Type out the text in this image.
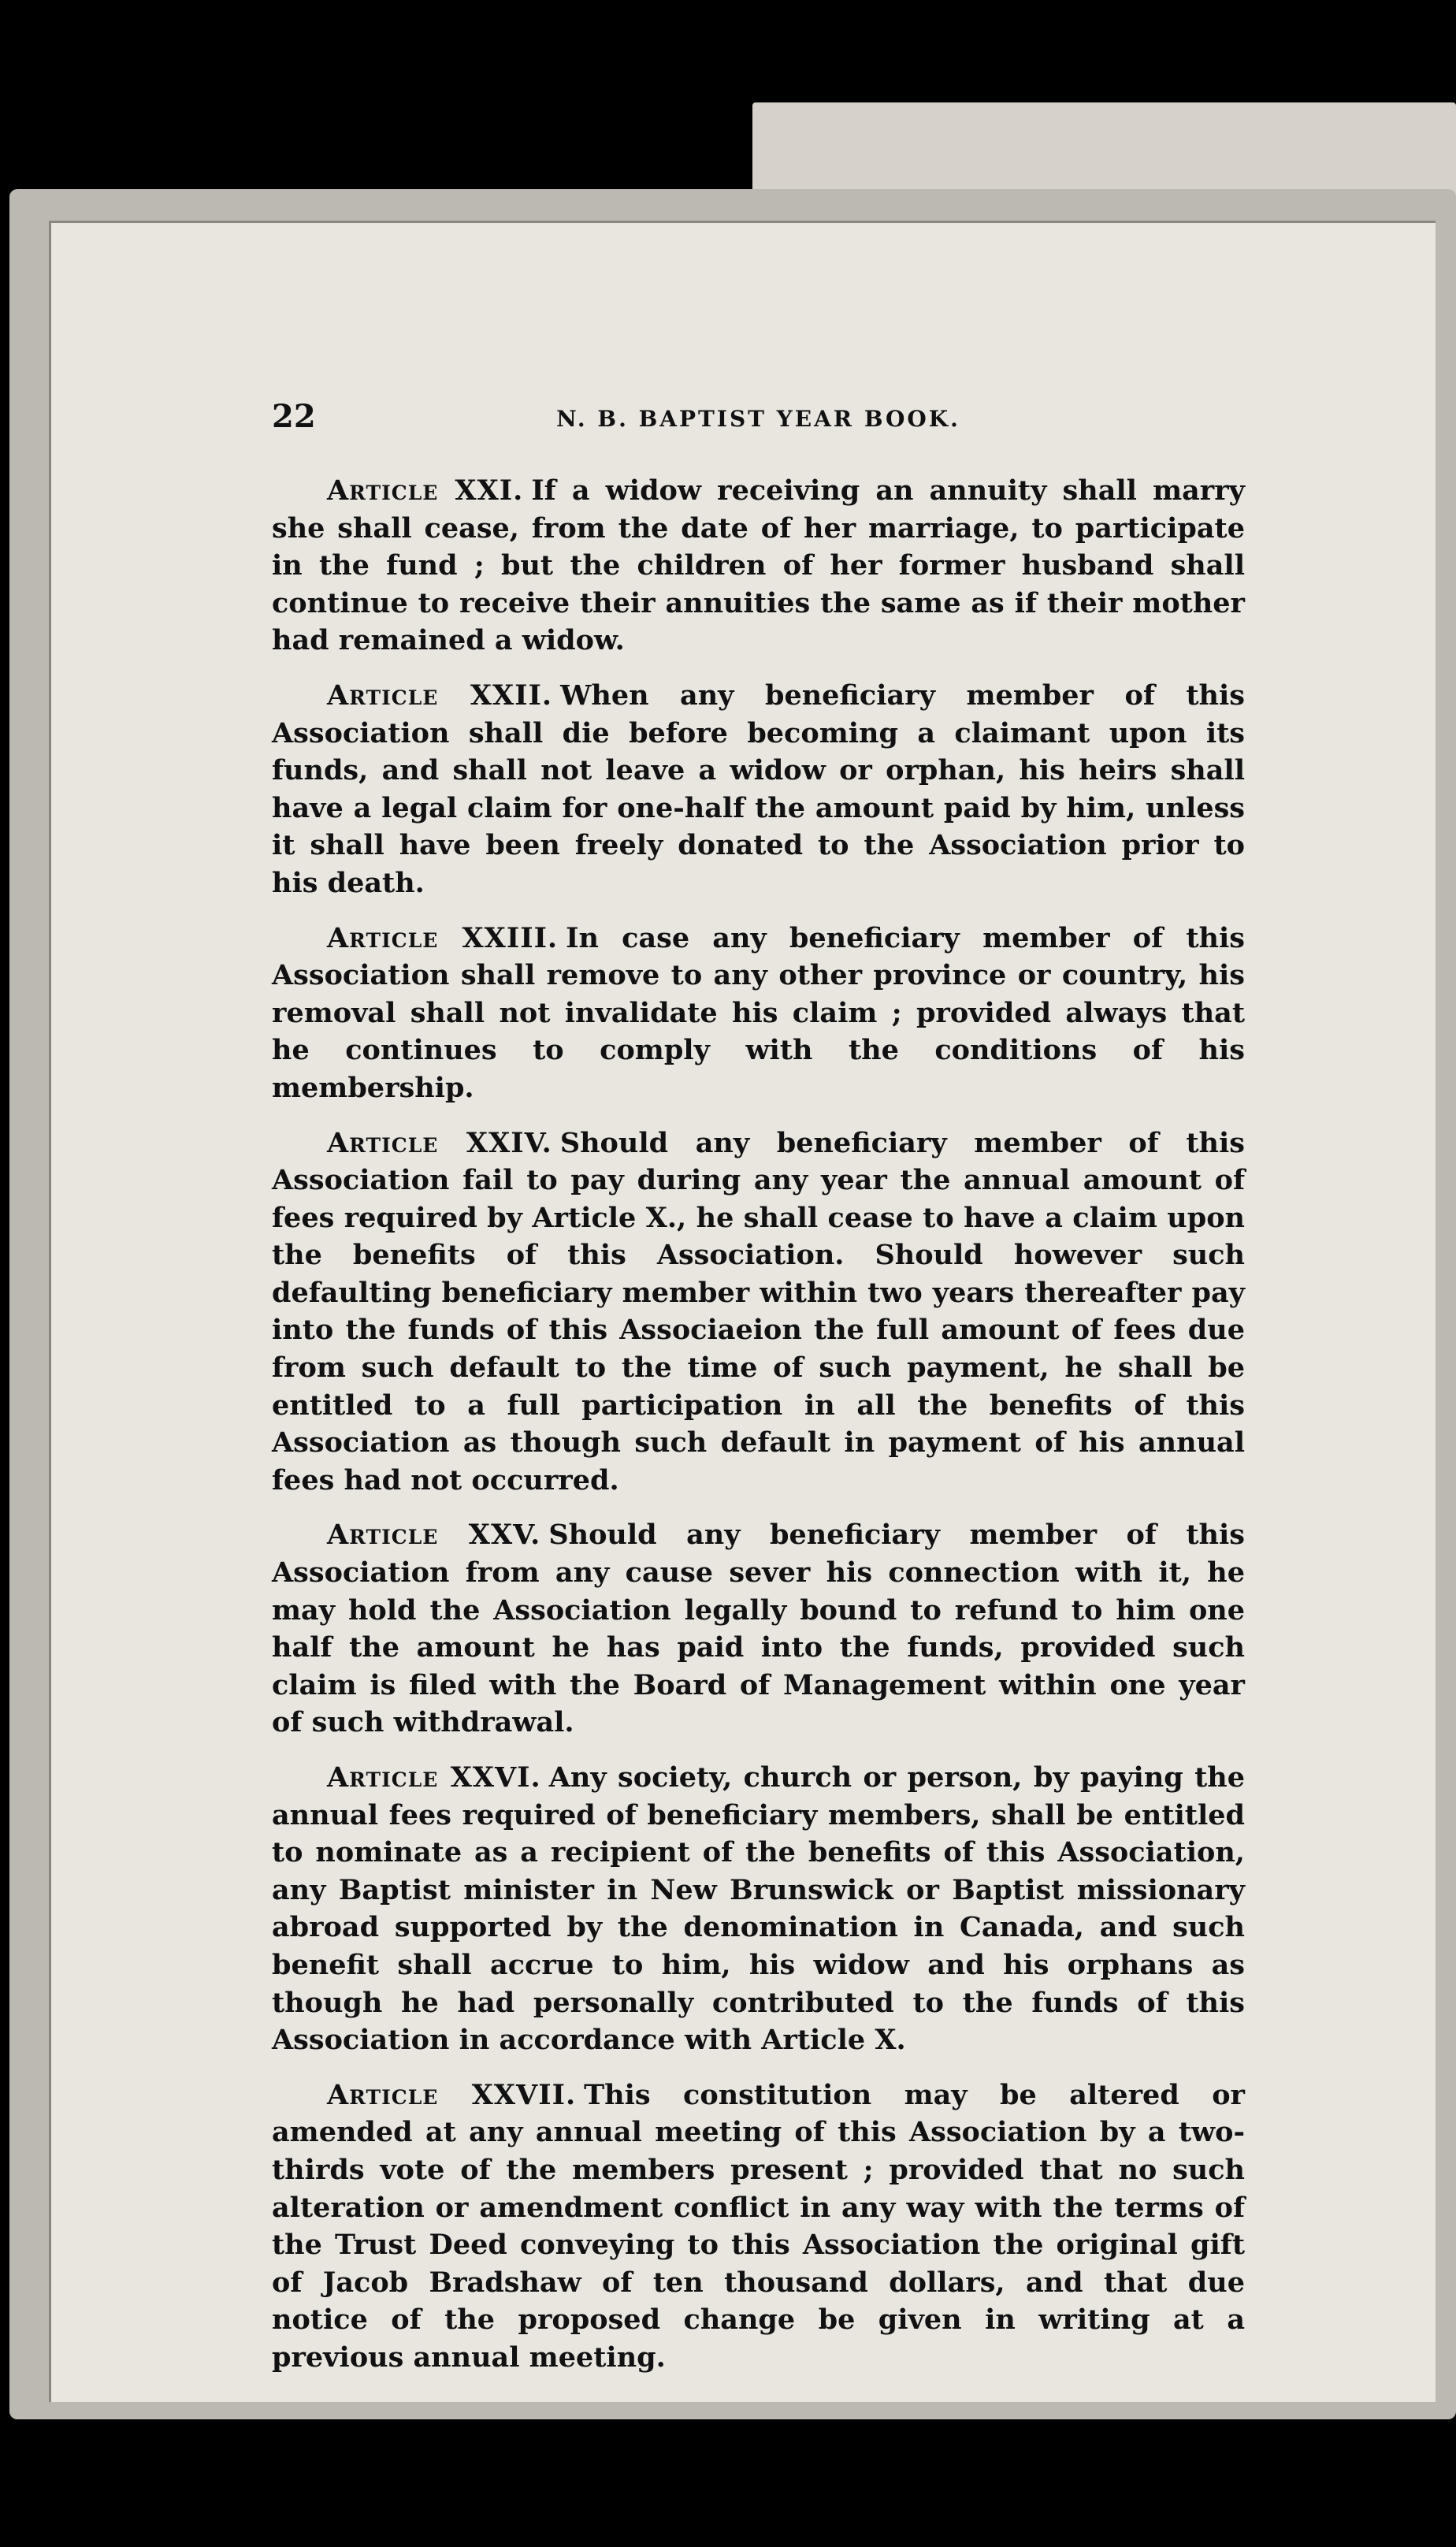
22	N. B. BAPTIST YEAR BOOK.

Article XXI. If a widow receiving an annuity shall marry she shall cease, from the date of her marriage, to participate in the fund ; but the children of her former husband shall continue to receive their annuities the same as if their mother had remained a widow.

Article XXII. When any beneficiary member of this Association shall die before becoming a claimant upon its funds, and shall not leave a widow or orphan, his heirs shall have a legal claim for one-half the amount paid by him, unless it shall have been freely donated to the Association prior to his death.

Article XXIII. In case any beneficiary member of this Association shall remove to any other province or country, his removal shall not invalidate his claim ; provided always that he continues to comply with the conditions of his membership.

Article XXIV. Should any beneficiary member of this Association fail to pay during any year the annual amount of fees required by Article X., he shall cease to have a claim upon the benefits of this Association. Should however such defaulting beneficiary member within two years thereafter pay into the funds of this Associaeion the full amount of fees due from such default to the time of such payment, he shall be entitled to a full participation in all the benefits of this Association as though such default in payment of his annual fees had not occurred.

Article XXV. Should any beneficiary member of this Association from any cause sever his connection with it, he may hold the Association legally bound to refund to him one half the amount he has paid into the funds, provided such claim is filed with the Board of Management within one year of such withdrawal.

Article XXVI. Any society, church or person, by paying the annual fees required of beneficiary members, shall be entitled to nominate as a recipient of the benefits of this Association, any Baptist minister in New Brunswick or Baptist missionary abroad supported by the denomination in Canada, and such benefit shall accrue to him, his widow and his orphans as though he had personally contributed to the funds of this Association in accordance with Article X.

Article XXVII. This constitution may be altered or amended at any annual meeting of this Association by a two-thirds vote of the members present ; provided that no such alteration or amendment conflict in any way with the terms of the Trust Deed conveying to this Association the original gift of Jacob Bradshaw of ten thousand dollars, and that due notice of the proposed change be given in writing at a previous annual meeting.
